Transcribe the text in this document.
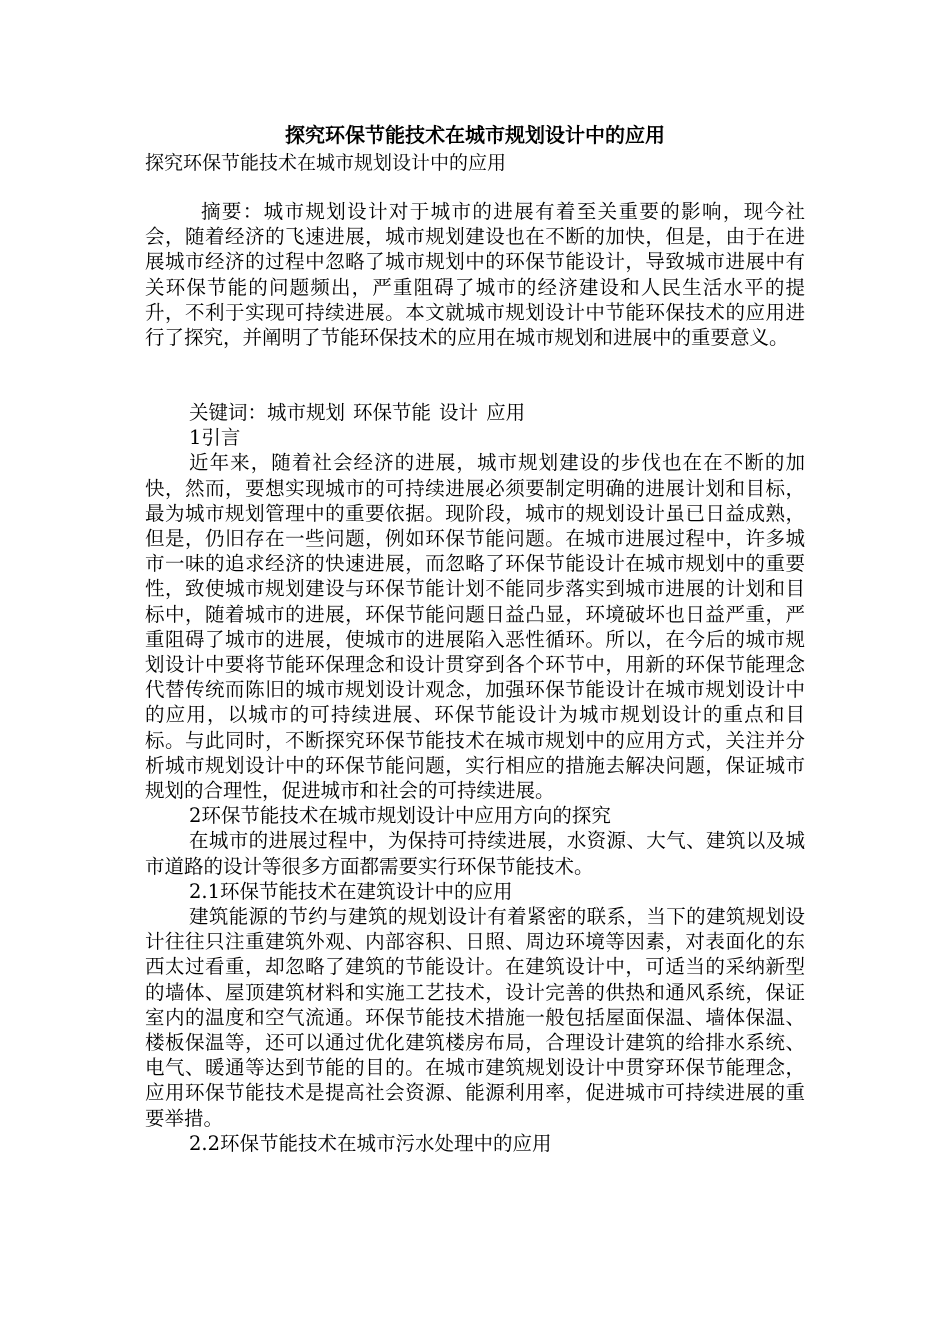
探究环保节能技术在城市规划设计中的应用
探究环保节能技术在城市规划设计中的应用
摘要：城市规划设计对于城市的进展有着至关重要的影响，现今社会，随着经济的飞速进展，城市规划建设也在不断的加快，但是，由于在进展城市经济的过程中忽略了城市规划中的环保节能设计，导致城市进展中有关环保节能的问题频出，严重阻碍了城市的经济建设和人民生活水平的提升，不利于实现可持续进展。本文就城市规划设计中节能环保技术的应用进行了探究，并阐明了节能环保技术的应用在城市规划和进展中的重要意义。

关键词：城市规划 环保节能 设计 应用

1引言

近年来，随着社会经济的进展，城市规划建设的步伐也在在不断的加快，然而，要想实现城市的可持续进展必须要制定明确的进展计划和目标，最为城市规划管理中的重要依据。现阶段，城市的规划设计虽已日益成熟，但是，仍旧存在一些问题，例如环保节能问题。在城市进展过程中，许多城市一味的追求经济的快速进展，而忽略了环保节能设计在城市规划中的重要性，致使城市规划建设与环保节能计划不能同步落实到城市进展的计划和目标中，随着城市的进展，环保节能问题日益凸显，环境破坏也日益严重，严重阻碍了城市的进展，使城市的进展陷入恶性循环。所以，在今后的城市规划设计中要将节能环保理念和设计贯穿到各个环节中，用新的环保节能理念代替传统而陈旧的城市规划设计观念，加强环保节能设计在城市规划设计中的应用，以城市的可持续进展、环保节能设计为城市规划设计的重点和目标。与此同时，不断探究环保节能技术在城市规划中的应用方式，关注并分析城市规划设计中的环保节能问题，实行相应的措施去解决问题，保证城市规划的合理性，促进城市和社会的可持续进展。

2环保节能技术在城市规划设计中应用方向的探究

在城市的进展过程中，为保持可持续进展，水资源、大气、建筑以及城市道路的设计等很多方面都需要实行环保节能技术。

2.1环保节能技术在建筑设计中的应用

建筑能源的节约与建筑的规划设计有着紧密的联系，当下的建筑规划设计往往只注重建筑外观、内部容积、日照、周边环境等因素，对表面化的东西太过看重，却忽略了建筑的节能设计。在建筑设计中，可适当的采纳新型的墙体、屋顶建筑材料和实施工艺技术，设计完善的供热和通风系统，保证室内的温度和空气流通。环保节能技术措施一般包括屋面保温、墙体保温、楼板保温等，还可以通过优化建筑楼房布局，合理设计建筑的给排水系统、电气、暖通等达到节能的目的。在城市建筑规划设计中贯穿环保节能理念，应用环保节能技术是提高社会资源、能源利用率，促进城市可持续进展的重要举措。

2.2环保节能技术在城市污水处理中的应用
